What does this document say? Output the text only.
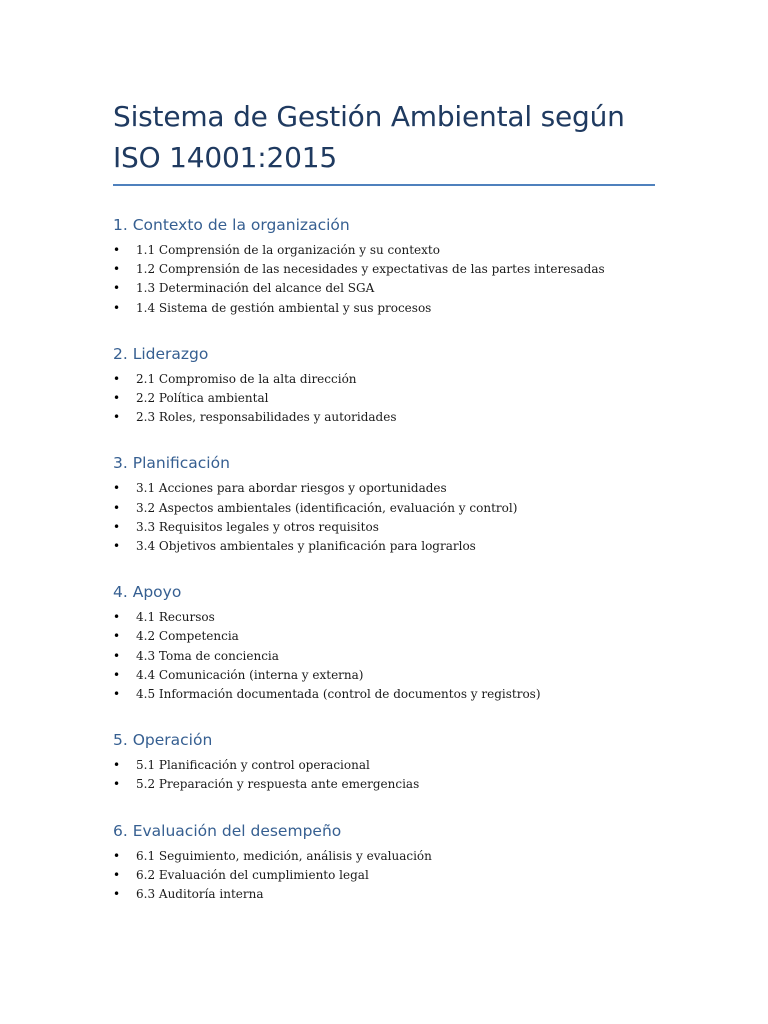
Sistema de Gestión Ambiental según
ISO 14001:2015
1. Contexto de la organización
• 1.1 Comprensión de la organización y su contexto
• 1.2 Comprensión de las necesidades y expectativas de las partes interesadas
• 1.3 Determinación del alcance del SGA
• 1.4 Sistema de gestión ambiental y sus procesos
2. Liderazgo
• 2.1 Compromiso de la alta dirección
• 2.2 Política ambiental
• 2.3 Roles, responsabilidades y autoridades
3. Planificación
• 3.1 Acciones para abordar riesgos y oportunidades
• 3.2 Aspectos ambientales (identificación, evaluación y control)
• 3.3 Requisitos legales y otros requisitos
• 3.4 Objetivos ambientales y planificación para lograrlos
4. Apoyo
• 4.1 Recursos
• 4.2 Competencia
• 4.3 Toma de conciencia
• 4.4 Comunicación (interna y externa)
• 4.5 Información documentada (control de documentos y registros)
5. Operación
• 5.1 Planificación y control operacional
• 5.2 Preparación y respuesta ante emergencias
6. Evaluación del desempeño
• 6.1 Seguimiento, medición, análisis y evaluación
• 6.2 Evaluación del cumplimiento legal
• 6.3 Auditoría interna
